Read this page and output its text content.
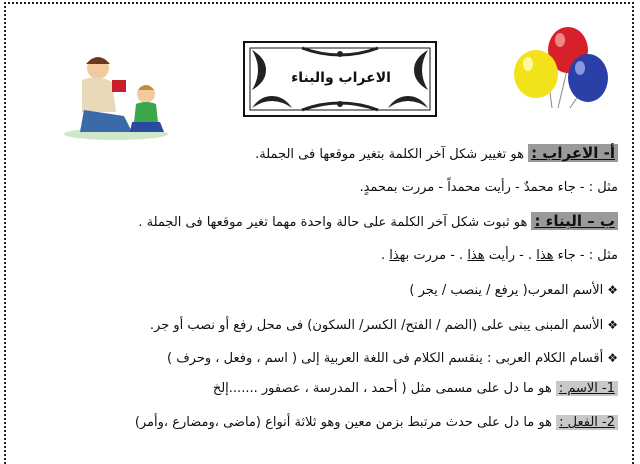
الاعراب والبناء
أ- الاعراب : هو تغيير شكل آخر الكلمة بتغير موقعها فى الجملة.
مثل : - جاء محمدٌ - رأيت محمداً - مررت بمحمدٍ.
ب – البناء : هو ثبوت شكل آخر الكلمة على حالة واحدة مهما تغير موقعها فى الجملة .
مثل : - جاء هذا . - رأيت هذا . - مررت بهذا .
❖الأسم المعرب( يرفع / ينصب / يجر )
❖الأسم المبنى يبنى على (الضم / الفتح/ الكسر/ السكون) فى محل رفع أو نصب أو جر.
❖أقسام الكلام العربى : ينقسم الكلام فى اللغة العربية إلى ( اسم ، وفعل ، وحرف )
1- الاسم : هو ما دل على مسمى مثل ( أحمد ، المدرسة ، عصفور .......إلخ
2- الفعل : هو ما دل على حدث مرتبط بزمن معين وهو ثلاثة أنواع (ماضى ،ومضارع ،وأمر)
